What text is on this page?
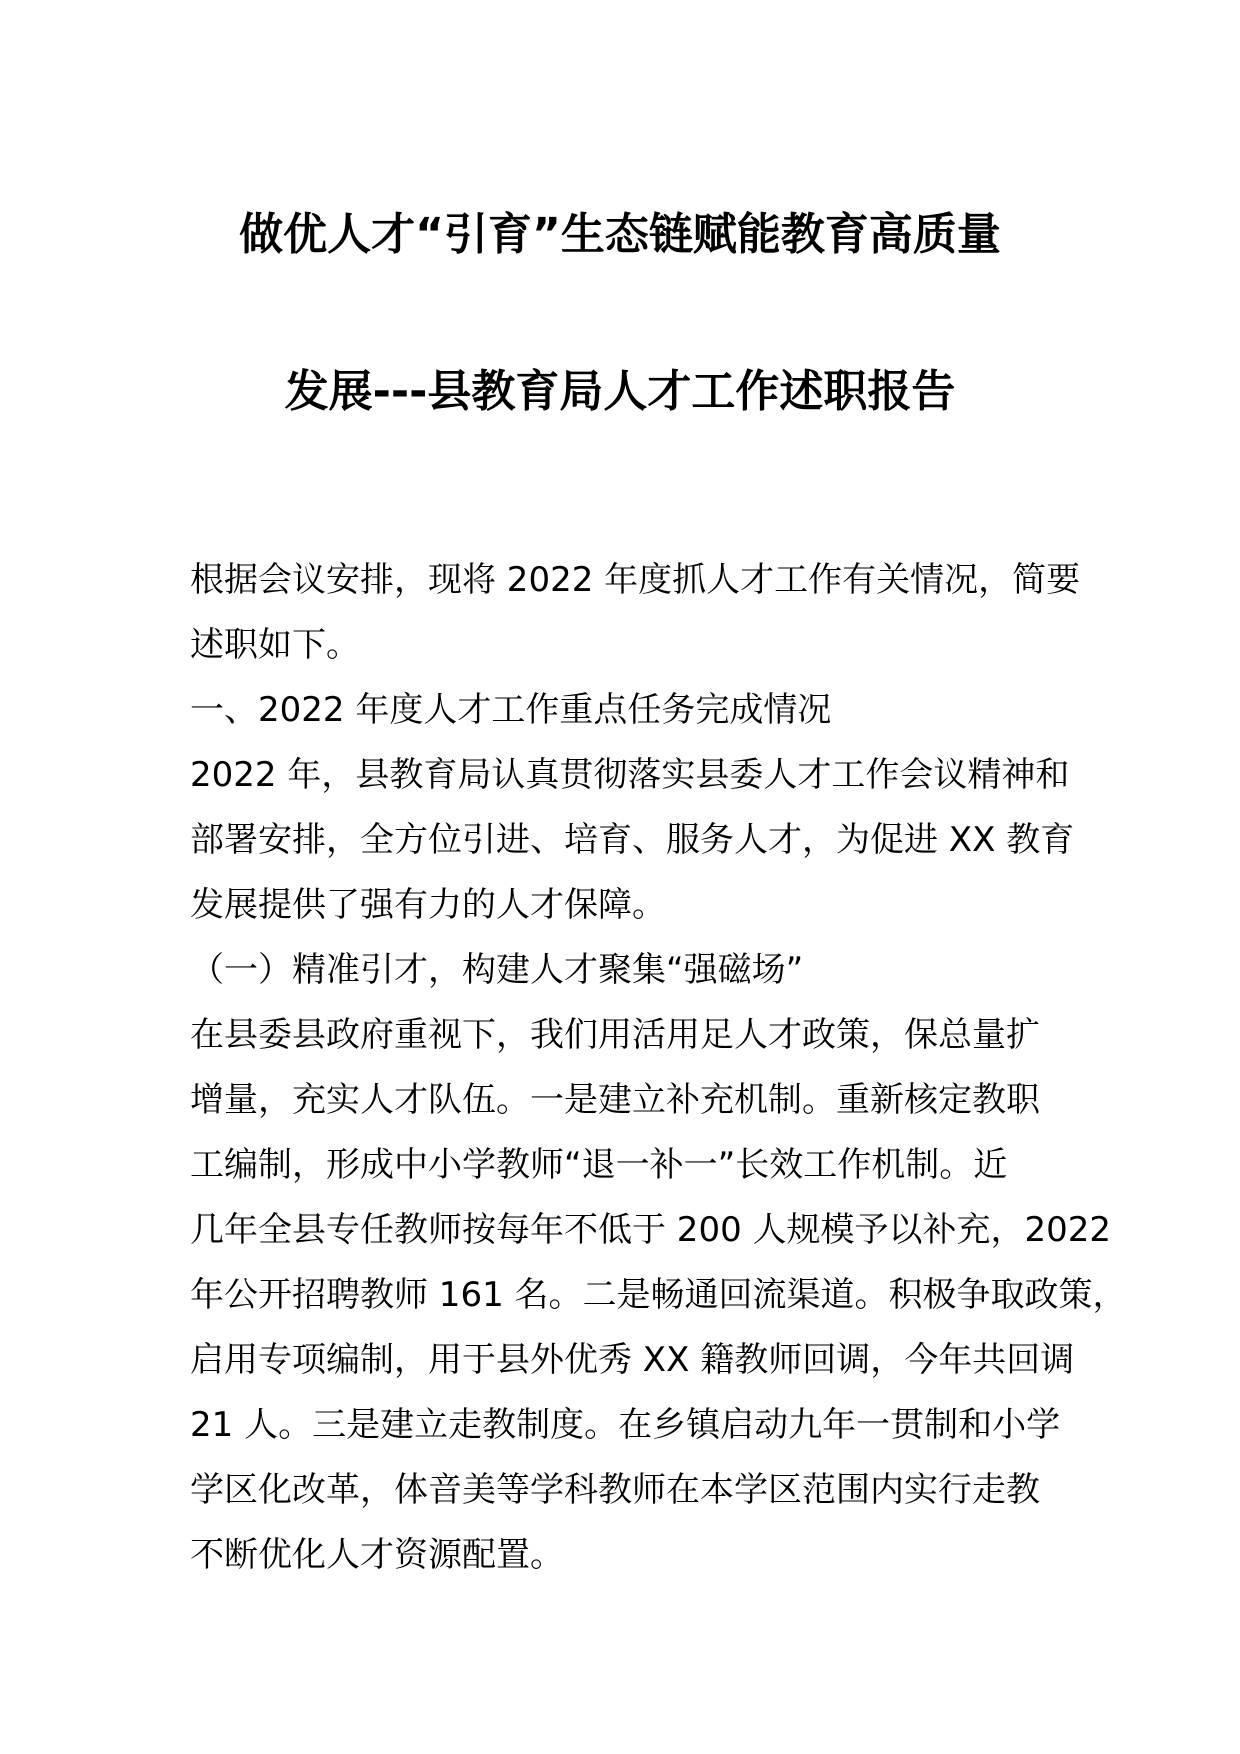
做优人才“引育”生态链赋能教育高质量
发展---县教育局人才工作述职报告
根据会议安排，现将 2022 年度抓人才工作有关情况，简要
述职如下。
一、2022 年度人才工作重点任务完成情况
2022 年，县教育局认真贯彻落实县委人才工作会议精神和
部署安排，全方位引进、培育、服务人才，为促进 XX 教育
发展提供了强有力的人才保障。
（一）精准引才，构建人才聚集“强磁场”
在县委县政府重视下，我们用活用足人才政策，保总量扩
增量，充实人才队伍。一是建立补充机制。重新核定教职
工编制，形成中小学教师“退一补一”长效工作机制。近
几年全县专任教师按每年不低于 200 人规模予以补充，2022
年公开招聘教师 161 名。二是畅通回流渠道。积极争取政策，
启用专项编制，用于县外优秀 XX 籍教师回调，今年共回调
21 人。三是建立走教制度。在乡镇启动九年一贯制和小学
学区化改革，体音美等学科教师在本学区范围内实行走教
不断优化人才资源配置。
